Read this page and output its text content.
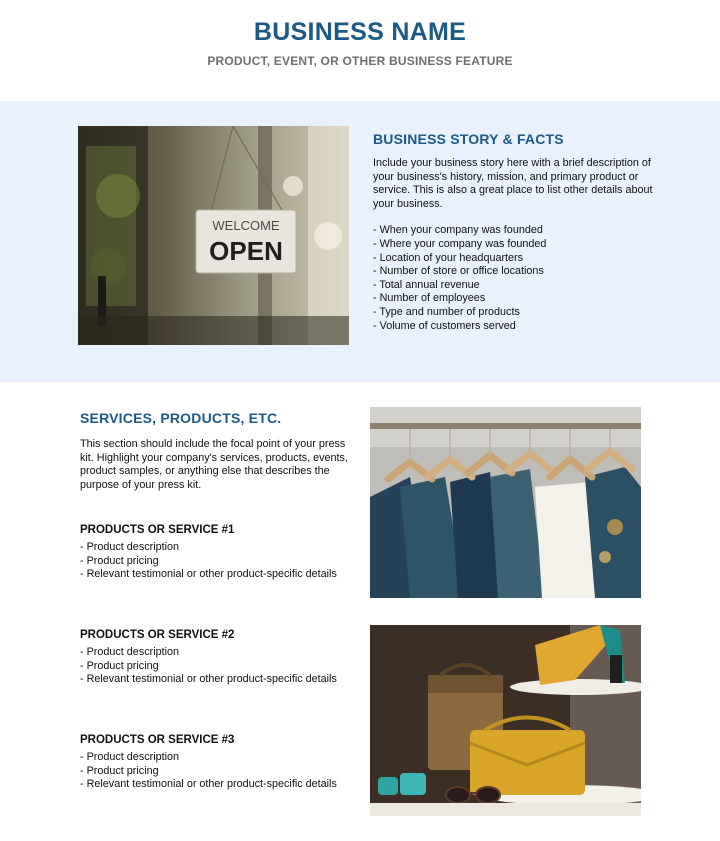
BUSINESS NAME
PRODUCT, EVENT, OR OTHER BUSINESS FEATURE
WELCOME
OPEN
BUSINESS STORY & FACTS

Include your business story here with a brief description of your business's history, mission, and primary product or service. This is also a great place to list other details about your business.

- When your company was founded
- Where your company was founded
- Location of your headquarters
- Number of store or office locations
- Total annual revenue
- Number of employees
- Type and number of products
- Volume of customers served
SERVICES, PRODUCTS, ETC.

This section should include the focal point of your press kit. Highlight your company's services, products, events, product samples, or anything else that describes the purpose of your press kit.

PRODUCTS OR SERVICE #1
- Product description
- Product pricing
- Relevant testimonial or other product-specific details
PRODUCTS OR SERVICE #2
- Product description
- Product pricing
- Relevant testimonial or other product-specific details
PRODUCTS OR SERVICE #3
- Product description
- Product pricing
- Relevant testimonial or other product-specific details
